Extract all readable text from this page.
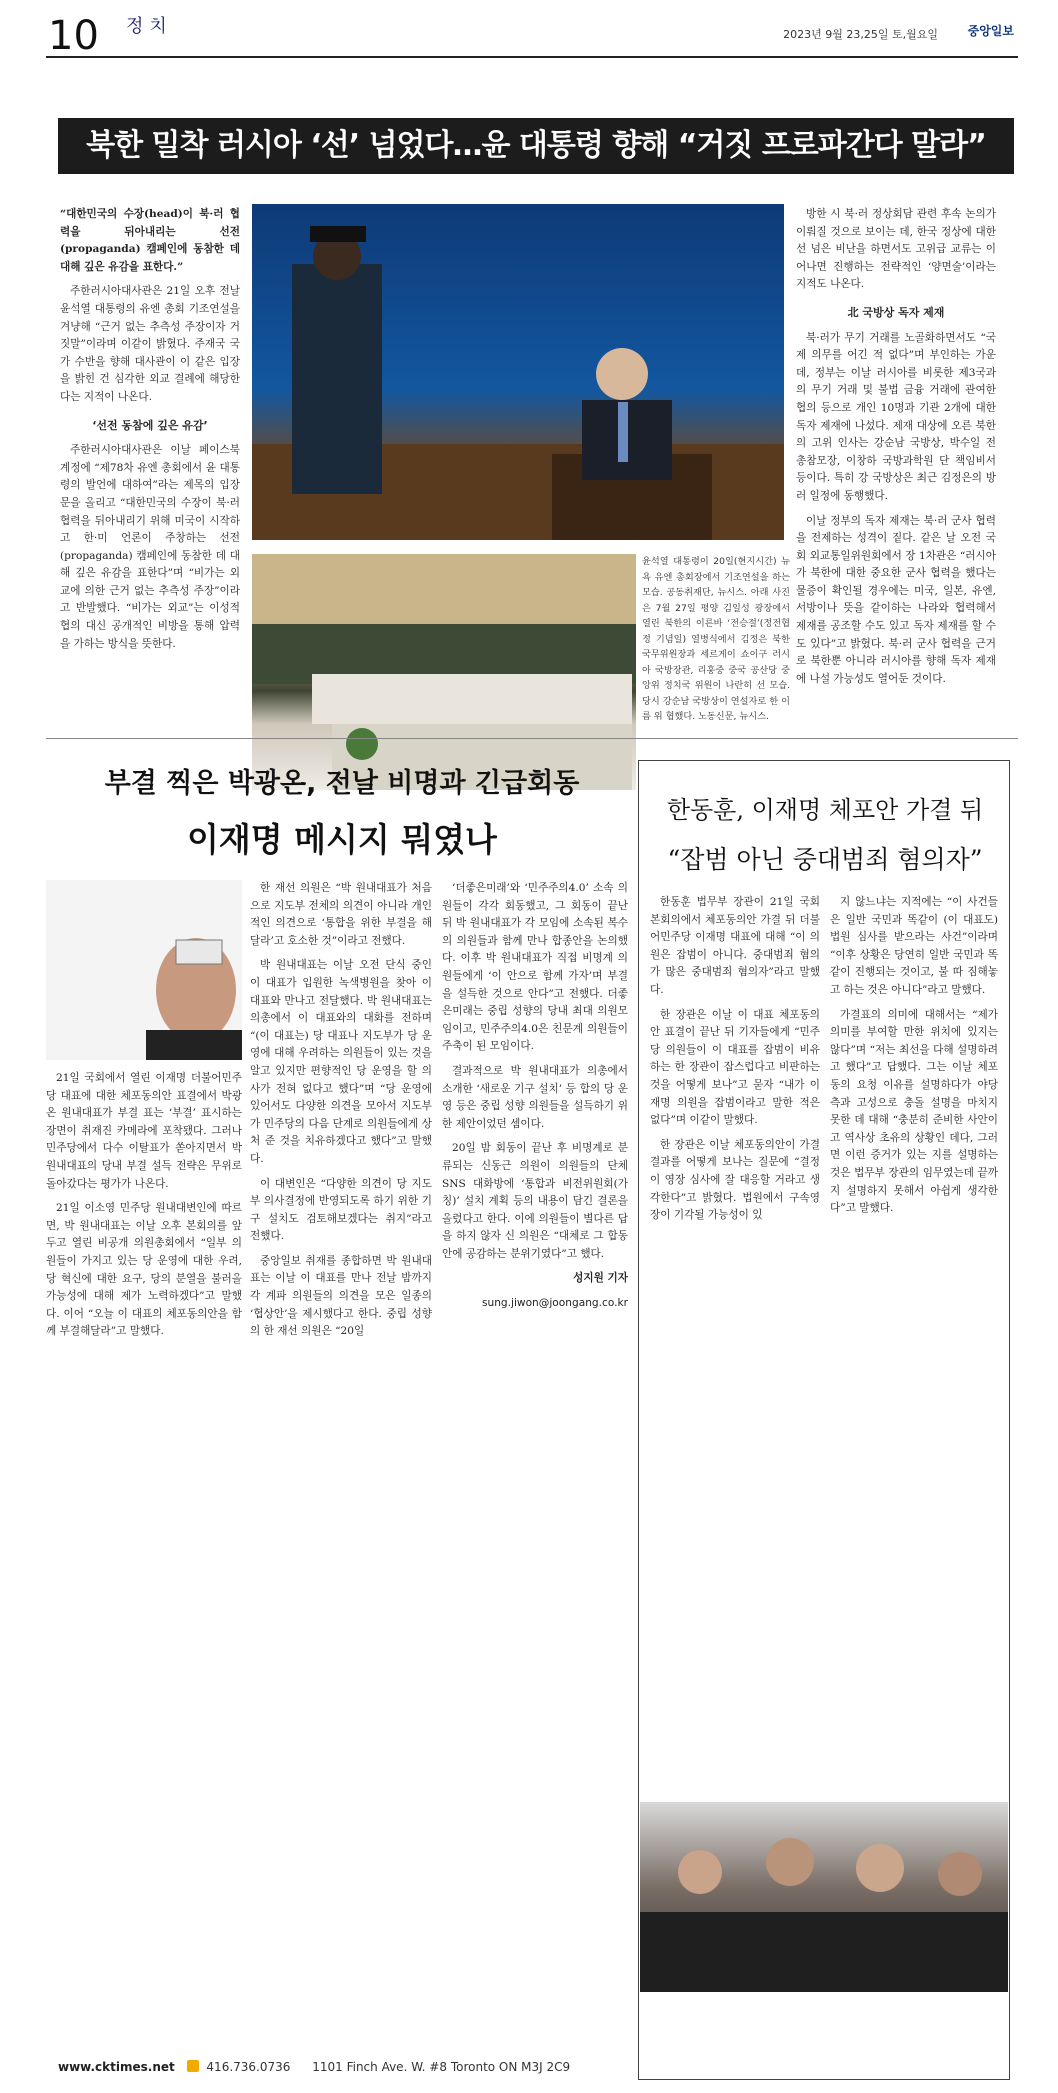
10 정치	2023년 9월 23,25일 토,월요일 중앙일보
북한 밀착 러시아 ‘선’ 넘었다…윤 대통령 향해 “거짓 프로파간다 말라”

“대한민국의 수장(head)이 북·러 협력을 뒤아내리는 선전(propaganda) 캠페인에 동참한 데 대해 깊은 유감을 표한다.”

주한러시아대사관은 21일 오후 전날 윤석열 대통령의 유엔 총회 기조연설을 겨냥해 “근거 없는 추측성 주장이자 거짓말”이라며 이같이 밝혔다. 주재국 국가 수반을 향해 대사관이 이 같은 입장을 밝힌 건 심각한 외교 결례에 해당한다는 지적이 나온다.

‘선전 동참에 깊은 유감’

주한러시아대사관은 이날 페이스북 계정에 “제78차 유엔 총회에서 윤 대통령의 발언에 대하여”라는 제목의 입장문을 올리고 “대한민국의 수장이 북·러 협력을 뒤아내리기 위해 미국이 시작하고 한·미 언론이 주창하는 선전(propaganda) 캠페인에 동참한 데 대해 깊은 유감을 표한다”며 “비가는 외교에 의한 근거 없는 추측성 주장”이라고 반발했다. “비가는 외교”는 이성적 협의 대신 공개적인 비방을 통해 압력을 가하는 방식을 뜻한다.

윤석열 대통령이 20일(현지시간) 뉴욕 유엔 총회장에서 기조연설을 하는 모습. 공동취재단, 뉴시스. 아래 사진은 7월 27일 평양 김일성 광장에서 열린 북한의 이른바 ‘전승절’(정전협정 기념일) 열병식에서 김정은 북한 국무위원장과 세르게이 쇼이구 러시아 국방장관, 리훙중 중국 공산당 중앙위 정치국 위원이 나란히 선 모습. 당시 강순남 국방상이 연설자로 한 이름 위 협했다. 노동신문, 뉴시스.

방한 시 북·러 정상회담 관련 후속 논의가 이뤄질 것으로 보이는 데, 한국 정상에 대한 선 넘은 비난을 하면서도 고위급 교류는 이어나면 진행하는 전략적인 ‘양면술’이라는 지적도 나온다.

北 국방상 독자 제재

북·러가 무기 거래를 노골화하면서도 “국제 의무를 어긴 적 없다”며 부인하는 가운데, 정부는 이날 러시아를 비롯한 제3국과의 무기 거래 및 불법 금융 거래에 관여한 협의 등으로 개인 10명과 기관 2개에 대한 독자 제재에 나섰다. 제재 대상에 오른 북한의 고위 인사는 강순남 국방상, 박수일 전 총참모장, 이창하 국방과학원 단 책임비서 등이다. 특히 강 국방상은 최근 김정은의 방러 일정에 동행했다.

이날 정부의 독자 제재는 북·러 군사 협력을 전제하는 성격이 짙다. 같은 날 오전 국회 외교통일위원회에서 장 1차관은 “러시아가 북한에 대한 중요한 군사 협력을 했다는 물증이 확인될 경우에는 미국, 일본, 유엔, 서방이나 뜻을 같이하는 나라와 협력해서 제재를 공조할 수도 있고 독자 제재를 할 수도 있다”고 밝혔다. 북·러 군사 협력을 근거로 북한뿐 아니라 러시아를 향해 독자 제재에 나설 가능성도 열어둔 것이다.

부결 찍은 박광온, 전날 비명과 긴급회동
이재명 메시지 뭐였나
한동훈, 이재명 체포안 가결 뒤
“잡범 아닌 중대범죄 혐의자”

21일 국회에서 열린 이재명 더불어민주당 대표에 대한 체포동의안 표결에서 박광온 원내대표가 부결 표는 ‘부결’ 표시하는 장면이 취재진 카메라에 포착됐다. 그러나 민주당에서 다수 이탈표가 쏟아지면서 박 원내대표의 당내 부결 설득 전략은 무위로 돌아갔다는 평가가 나온다.

21일 이소영 민주당 원내대변인에 따르면, 박 원내대표는 이날 오후 본회의를 앞두고 열린 비공개 의원총회에서 “일부 의원들이 가지고 있는 당 운영에 대한 우려, 당 혁신에 대한 요구, 당의 분열을 불러올 가능성에 대해 제가 노력하겠다”고 말했다. 이어 “오늘 이 대표의 체포동의안을 함께 부결해달라”고 말했다.

한 재선 의원은 “박 원내대표가 처음으로 지도부 전체의 의견이 아니라 개인적인 의견으로 ‘통합을 위한 부결을 해달라’고 호소한 것”이라고 전했다.

박 원내대표는 이날 오전 단식 중인 이 대표가 입원한 녹색병원을 찾아 이 대표와 만나고 전달했다. 박 원내대표는 의총에서 이 대표와의 대화를 전하며 “(이 대표는) 당 대표나 지도부가 당 운영에 대해 우려하는 의원들이 있는 것을 알고 있지만 편향적인 당 운영을 할 의사가 전혀 없다고 했다”며 “당 운영에 있어서도 다양한 의견을 모아서 지도부가 민주당의 다음 단계로 의원들에게 상처 준 것을 치유하겠다고 했다”고 말했다.

이 대변인은 “다양한 의견이 당 지도부 의사결정에 반영되도록 하기 위한 기구 설치도 검토해보겠다는 취지”라고 전했다.

중앙일보 취재를 종합하면 박 원내대표는 이날 이 대표를 만나 전날 밤까지 각 계파 의원들의 의견을 모은 일종의 ‘협상안’을 제시했다고 한다. 중립 성향의 한 재선 의원은 “20일

‘더좋은미래’와 ‘민주주의4.0’ 소속 의원들이 각각 회동했고, 그 회동이 끝난 뒤 박 원내대표가 각 모임에 소속된 복수의 의원들과 함께 만나 합종안을 논의했다. 이후 박 원내대표가 직접 비명계 의원들에게 ‘이 안으로 함께 가자’며 부결을 설득한 것으로 안다”고 전했다. 더좋은미래는 중립 성향의 당내 최대 의원모임이고, 민주주의4.0은 친문계 의원들이 주축이 된 모임이다.

결과적으로 박 원내대표가 의총에서 소개한 ‘새로운 기구 설치’ 등 합의 당 운영 등은 중립 성향 의원들을 설득하기 위한 제안이었던 셈이다.

20일 밤 회동이 끝난 후 비명계로 분류되는 신동근 의원이 의원들의 단체 SNS 대화방에 ‘통합과 비전위원회(가칭)’ 설치 계획 등의 내용이 담긴 결론을 올렸다고 한다. 이에 의원들이 별다른 답을 하지 않자 신 의원은 “대체로 그 합동안에 공감하는 분위기였다”고 했다.

성지원 기자

sung.jiwon@joongang.co.kr

한동훈 법무부 장관이 21일 국회 본회의에서 체포동의안 가결 뒤 더불어민주당 이재명 대표에 대해 “이 의원은 잡범이 아니다. 중대범죄 혐의가 많은 중대범죄 혐의자”라고 말했다.

한 장관은 이날 이 대표 체포동의안 표결이 끝난 뒤 기자들에게 “민주당 의원들이 이 대표를 잡범이 비유하는 한 장관이 잡스럽다고 비판하는 것을 어떻게 보나”고 묻자 “내가 이재명 의원을 잡범이라고 말한 적은 없다”며 이같이 말했다.

한 장관은 이날 체포동의안이 가결 결과를 어떻게 보나는 질문에 “결정이 영장 심사에 잘 대응할 거라고 생각한다”고 밝혔다. 법원에서 구속영장이 기각될 가능성이 있

지 않느냐는 지적에는 “이 사건들은 일반 국민과 똑같이 (이 대표도) 법원 심사를 받으라는 사건”이라며 “이후 상황은 당연히 일반 국민과 똑같이 진행되는 것이고, 불 따 짐해놓고 하는 것은 아니다”라고 말했다.

가결표의 의미에 대해서는 “제가 의미를 부여할 만한 위치에 있지는 않다”며 “저는 최선을 다해 설명하려고 했다”고 답했다. 그는 이날 체포 동의 요청 이유를 설명하다가 야당 측과 고성으로 충돌 설명을 마치지 못한 데 대해 “충분히 준비한 사안이고 역사상 초유의 상황인 데다, 그러면 이런 증거가 있는 지를 설명하는 것은 법무부 장관의 임무였는데 끝까지 설명하지 못해서 아쉽게 생각한다”고 말했다.

www.cktimes.net	416.736.0736 1101 Finch Ave. W. #8 Toronto ON M3J 2C9
